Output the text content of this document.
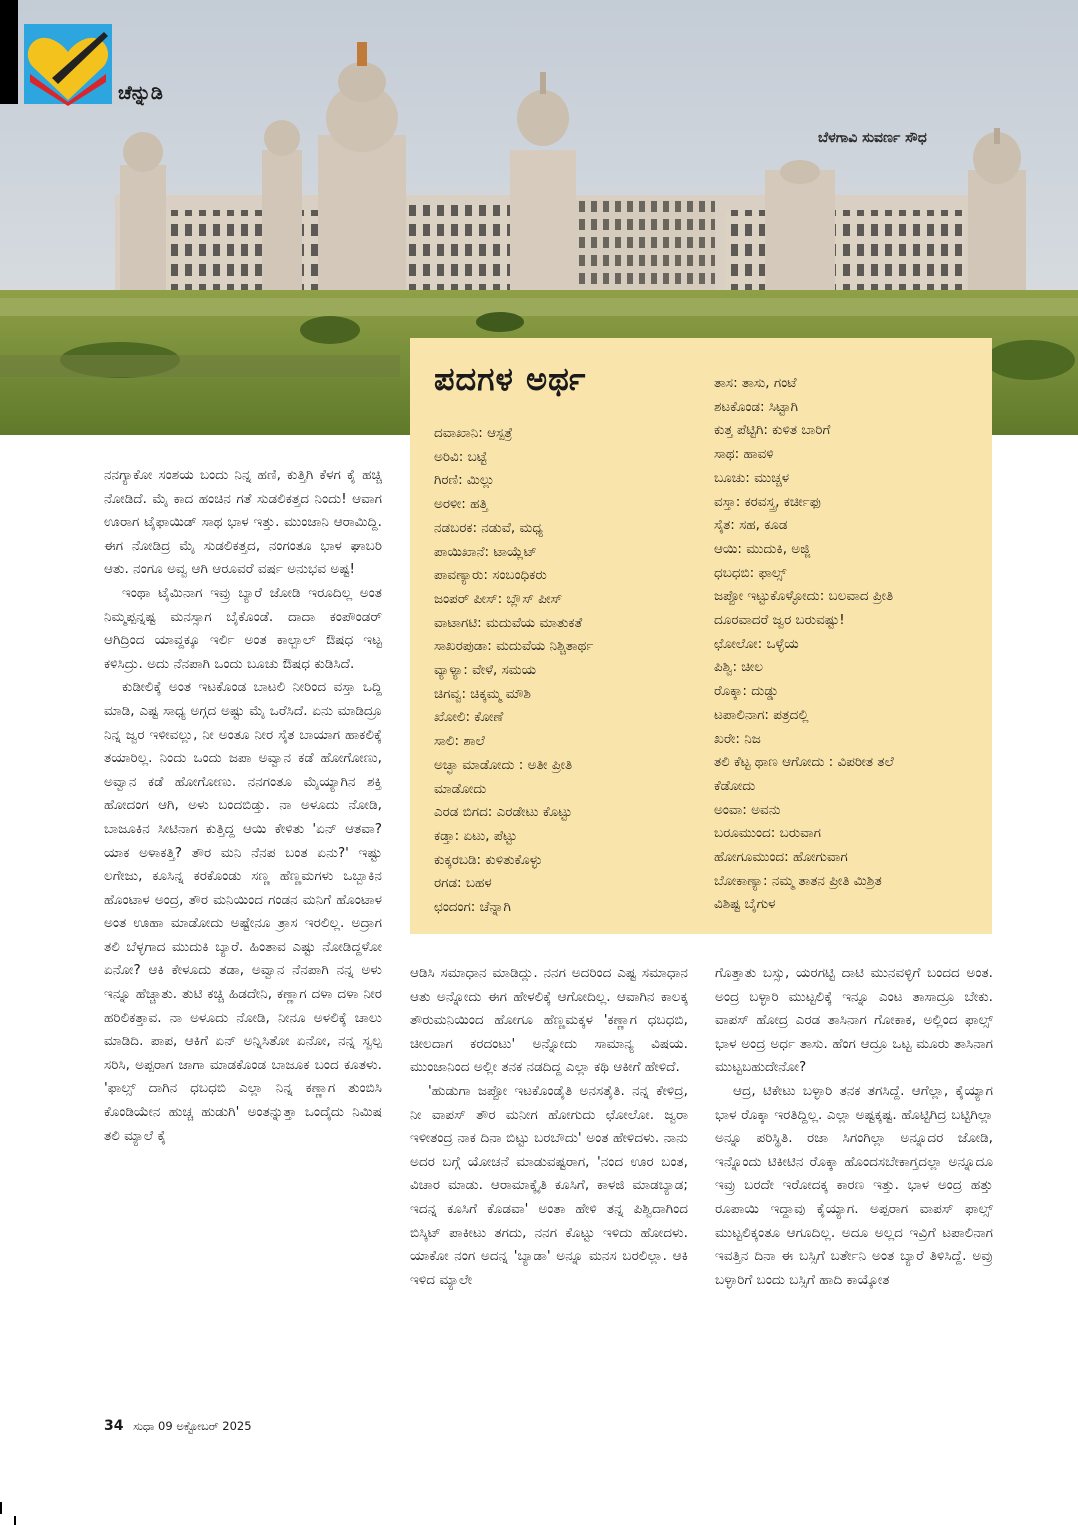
ಚೆನ್ನುಡಿ
ಬೆಳಗಾವಿ ಸುವರ್ಣ ಸೌಧ
ಪದಗಳ ಅರ್ಥ
ದವಾಖಾನಿ: ಆಸ್ಪತ್ರೆ
ಅರಿವಿ: ಬಟ್ಟೆ
ಗಿರಣಿ: ಮಿಲ್ಲು
ಅರಳೀ: ಹತ್ತಿ
ನಡಬರಕ: ನಡುವೆ, ಮಧ್ಯ
ಪಾಯಿಖಾನೆ: ಟಾಯ್ಲೆಟ್
ಪಾವಣ್ಯಾರು: ಸಂಬಂಧಿಕರು
ಜಂಪರ್ ಪೀಸ್: ಬ್ಲೌಸ್ ಪೀಸ್
ವಾಟಾಗಟಿ: ಮದುವೆಯ ಮಾತುಕತೆ
ಸಾಖರಪುಡಾ: ಮದುವೆಯ ನಿಶ್ಚಿತಾರ್ಥ
ವ್ಯಾಳ್ಯಾ: ವೇಳೆ, ಸಮಯ
ಚಿಗವ್ವ: ಚಿಕ್ಕಮ್ಮ ಮೌಶಿ
ಖೋಲಿ: ಕೋಣೆ
ಸಾಲಿ: ಶಾಲೆ
ಅಚ್ಛಾ ಮಾಡೋದು : ಅತೀ ಪ್ರೀತಿ
ಮಾಡೋದು
ಎರಡ ಬಿಗದ: ಎರಡೇಟು ಕೊಟ್ಟು
ಕಡ್ತಾ: ಏಟು, ಪೆಟ್ಟು
ಕುಕ್ಕರಬಡಿ: ಕುಳಿತುಕೊಳ್ಳು
ರಗಡ: ಬಹಳ
ಛಂದಂಗ: ಚೆನ್ನಾಗಿ
ತಾಸ: ತಾಸು, ಗಂಟೆ
ಶಟಕೊಂಡ: ಸಿಟ್ಟಾಗಿ
ಕುತ್ತ ಪೆಟ್ಟಿಗಿ: ಕುಳಿತ ಬಾರಿಗೆ
ಸಾಥ: ಹಾವಳಿ
ಬೂಚು: ಮುಚ್ಚಳ
ವಸ್ತಾ: ಕರವಸ್ತ್ರ, ಕರ್ಚೀಫು
ಸೈತ: ಸಹ, ಕೂಡ
ಆಯಿ: ಮುದುಕಿ, ಅಜ್ಜಿ
ಧಬಧಬಿ: ಫಾಲ್ಸ್
ಜಪ್ಪೋ ಇಟ್ಟುಕೊಳ್ಳೋದು: ಬಲವಾದ ಪ್ರೀತಿ
ದೂರವಾದರೆ ಜ್ವರ ಬರುವಷ್ಟು!
ಛೋಲೋ: ಒಳ್ಳೆಯ
ಪಿಶ್ವಿ: ಚೀಲ
ರೊಕ್ಕಾ: ದುಡ್ಡು
ಟಪಾಲಿನಾಗ: ಪತ್ರದಲ್ಲಿ
ಖರೇ: ನಿಜ
ತಲಿ ಕೆಟ್ಟ ಥಾಣ ಆಗೋದು : ವಿಪರೀತ ತಲೆ
ಕೆಡೋದು
ಅಂವಾ: ಅವನು
ಬರೂಮುಂದ: ಬರುವಾಗ
ಹೋಗೂಮುಂದ: ಹೋಗುವಾಗ
ಬೋಕಾಣ್ಯಾ: ನಮ್ಮ ತಾತನ ಪ್ರೀತಿ ಮಿಶ್ರಿತ
ವಿಶಿಷ್ಟ ಬೈಗುಳ

ನನಗ್ಯಾಕೋ ಸಂಶಯ ಬಂದು ನಿನ್ನ ಹಣಿ, ಕುತ್ತಿಗಿ ಕೆಳಗ ಕೈ ಹಚ್ಚಿ ನೋಡಿದೆ. ಮೈ ಕಾದ ಹಂಚಿನ ಗತೆ ಸುಡಲಿಕತ್ತದ ನಿಂದು! ಆವಾಗ ಊರಾಗ ಟೈಫಾಯಿಡ್ ಸಾಥ ಭಾಳ ಇತ್ತು. ಮುಂಜಾನಿ ಆರಾಮಿದ್ದಿ. ಈಗ ನೋಡಿದ್ರ ಮೈ ಸುಡಲಿಕತ್ತದ, ನಂಗಂತೂ ಭಾಳ ಘಾಬರಿ ಆತು. ನಂಗೂ ಅವ್ವ ಆಗಿ ಆರೂವರೆ ವರ್ಷ ಅನುಭವ ಅಷ್ಟ!

ಇಂಥಾ ಟೈಮಿನಾಗ ಇವ್ರು ಬ್ಯಾರೆ ಜೋಡಿ ಇರೂದಿಲ್ಲ ಅಂತ ನಿಮ್ಮಪ್ಪನ್ನಷ್ಟ ಮನಸ್ಸಾಗ ಬೈಕೊಂಡೆ. ದಾದಾ ಕಂಪೌಂಡರ್ ಆಗಿದ್ರಿಂದ ಯಾವ್ದಕ್ಕೂ ಇರ್ಲಿ ಅಂತ ಕಾಲ್ಬಾಲ್ ಔಷಧ ಇಟ್ಟ ಕಳಿಸಿದ್ರು. ಅದು ನೆನಪಾಗಿ ಒಂದು ಬೂಚು ಔಷಧ ಕುಡಿಸಿದೆ.

ಕುಡೀಲಿಕ್ಕೆ ಅಂತ ಇಟಕೊಂಡ ಬಾಟಲಿ ನೀರಿಂದ ವಸ್ತಾ ಒದ್ದಿ ಮಾಡಿ, ಎಷ್ಟ ಸಾಧ್ಯ ಅಗ್ಗದ ಅಷ್ಟು ಮೈ ಒರೆಸಿದೆ. ಏನು ಮಾಡಿದ್ರೂ ನಿನ್ನ ಜ್ವರ ಇಳೀವಲ್ಲು, ನೀ ಅಂತೂ ನೀರ ಸೈತ ಬಾಯಾಗ ಹಾಕಲಿಕ್ಕೆ ತಯಾರಿಲ್ಲ. ನಿಂದು ಒಂದು ಜಪಾ ಅವ್ವಾನ ಕಡೆ ಹೋಗೋಣು, ಅವ್ವಾನ ಕಡೆ ಹೋಗೋಣು. ನನಗಂತೂ ಮೈಯ್ಯಾಗಿನ ಶಕ್ತಿ ಹೋದಂಗ ಆಗಿ, ಅಳು ಬಂದಬಿಡ್ತು. ನಾ ಅಳೂದು ನೋಡಿ, ಬಾಜೂಕಿನ ಸೀಟಿನಾಗ ಕುತ್ತಿದ್ದ ಆಯಿ ಕೇಳಿತು 'ಏನ್ ಆತವಾ? ಯಾಕ ಅಳಾಕತ್ತಿ? ತೌರ ಮನಿ ನೆನಪ ಬಂತ ಏನು?' ಇಷ್ಟು ಲಗೇಜು, ಕೂಸಿನ್ನ ಕರಕೊಂಡು ಸಣ್ಣ ಹೆಣ್ಣಮಗಳು ಒಬ್ಬಾಕಿನ ಹೊಂಟಾಳ ಅಂದ್ರ, ತೌರ ಮನಿಯಿಂದ ಗಂಡನ ಮನಿಗೆ ಹೊಂಟಾಳ ಅಂತ ಊಹಾ ಮಾಡೋದು ಅಷ್ಟೇನೂ ತ್ರಾಸ ಇರಲಿಲ್ಲ. ಅದ್ರಾಗ ತಲಿ ಬೆಳ್ಳಗಾದ ಮುದುಕಿ ಬ್ಯಾರೆ. ಹಿಂತಾವ ಎಷ್ಟು ನೋಡಿದ್ದಳೋ ಏನೋ? ಆಕಿ ಕೇಳೂದು ತಡಾ, ಅವ್ವಾನ ನೆನಪಾಗಿ ನನ್ನ ಅಳು ಇನ್ನೂ ಹೆಚ್ಚಾತು. ತುಟಿ ಕಚ್ಚಿ ಹಿಡದೇನಿ, ಕಣ್ಣಾಗ ದಳಾ ದಳಾ ನೀರ ಹರಿಲಿಕತ್ತಾವ. ನಾ ಅಳೂದು ನೋಡಿ, ನೀನೂ ಅಳಲಿಕ್ಕೆ ಚಾಲು ಮಾಡಿದಿ. ಪಾಪ, ಆಕಿಗೆ ಏನ್ ಅನ್ನಿಸಿತೋ ಏನೋ, ನನ್ನ ಸ್ವಲ್ಪ ಸರಿಸಿ, ಅಪ್ಪರಾಗ ಜಾಗಾ ಮಾಡಕೊಂಡ ಬಾಜೂಕ ಬಂದ ಕೂತಳು. 'ಫಾಲ್ಸ್ ದಾಗಿನ ಧಬಧಬಿ ಎಲ್ಲಾ ನಿನ್ನ ಕಣ್ಣಾಗ ತುಂಬಿಸಿ ಕೊಂಡಿಯೇನ ಹುಚ್ಚ ಹುಡುಗಿ' ಅಂತನ್ನುತ್ತಾ ಒಂದೈದು ನಿಮಿಷ ತಲಿ ಮ್ಯಾಲೆ ಕೈ

ಆಡಿಸಿ ಸಮಾಧಾನ ಮಾಡಿದ್ಲು. ನನಗ ಅದರಿಂದ ಎಷ್ಟ ಸಮಾಧಾನ ಆತು ಅನ್ನೋದು ಈಗ ಹೇಳಲಿಕ್ಕೆ ಆಗೋದಿಲ್ಲ. ಆವಾಗಿನ ಕಾಲಕ್ಕ ತೌರುಮನಿಯಿಂದ ಹೋಗೂ ಹೆಣ್ಣಮಕ್ಕಳ 'ಕಣ್ಣಾಗ ಧಬಧಬಿ, ಚೀಲದಾಗ ಕರದಂಟು' ಅನ್ನೋದು ಸಾಮಾನ್ಯ ವಿಷಯ. ಮುಂಜಾನಿಂದ ಅಲ್ಲೀ ತನಕ ನಡದಿದ್ದ ಎಲ್ಲಾ ಕಥಿ ಆಕೀಗೆ ಹೇಳಿದೆ.

'ಹುಡುಗಾ ಜಪ್ಪೋ ಇಟಕೊಂಡೈತಿ ಅನಸತೈತಿ. ನನ್ನ ಕೇಳಿದ್ರ, ನೀ ವಾಪಸ್ ತೌರ ಮನೀಗ ಹೋಗುದು ಛೋಲೋ. ಜ್ವರಾ ಇಳೀತಂದ್ರ ನಾಕ ದಿನಾ ಬಿಟ್ಟು ಬರಬೌದು' ಅಂತ ಹೇಳಿದಳು. ನಾನು ಅದರ ಬಗ್ಗೆ ಯೋಚನೆ ಮಾಡುವಷ್ಟರಾಗ, 'ನಂದ ಊರ ಬಂತ, ವಿಚಾರ ಮಾಡು. ಆರಾಮಾಕ್ಕೈತಿ ಕೂಸಿಗೆ, ಕಾಳಜಿ ಮಾಡಬ್ಯಾಡ; ಇದನ್ನ ಕೂಸಿಗೆ ಕೊಡವಾ' ಅಂತಾ ಹೇಳಿ ತನ್ನ ಪಿಶ್ವಿದಾಗಿಂದ ಬಿಸ್ಕಿಟ್ ಪಾಕೀಟು ತಗದು, ನನಗ ಕೊಟ್ಟು ಇಳಿದು ಹೋದಳು. ಯಾಕೋ ನಂಗ ಅದನ್ನ 'ಬ್ಯಾಡಾ' ಅನ್ನೂ ಮನಸ ಬರಲಿಲ್ಲಾ. ಆಕಿ ಇಳಿದ ಮ್ಯಾಲೇ

ಗೊತ್ತಾತು ಬಸ್ಸು, ಯರಗಟ್ಟಿ ದಾಟಿ ಮುನವಳ್ಳಿಗೆ ಬಂದದ ಅಂತ. ಅಂದ್ರ ಬಳ್ಳಾರಿ ಮುಟ್ಟಲಿಕ್ಕೆ ಇನ್ನೂ ಎಂಟ ತಾಸಾದ್ರೂ ಬೇಕು. ವಾಪಸ್ ಹೋದ್ರ ಎರಡ ತಾಸಿನಾಗ ಗೋಕಾಕ, ಅಲ್ಲಿಂದ ಫಾಲ್ಸ್ ಭಾಳ ಅಂದ್ರ ಅರ್ಧ ತಾಸು. ಹೆಂಗ ಆದ್ರೂ ಒಟ್ಟ ಮೂರು ತಾಸಿನಾಗ ಮುಟ್ಟಬಹುದೇನೋ?

ಆದ್ರ, ಟಿಕೇಟು ಬಳ್ಳಾರಿ ತನಕ ತಗಸಿದ್ದೆ. ಆಗೆಲ್ಲಾ, ಕೈಯ್ಯಾಗ ಭಾಳ ರೊಕ್ಕಾ ಇರತಿದ್ದಿಲ್ಲ. ಎಲ್ಲಾ ಅಷ್ಟಕ್ಕಷ್ಟ. ಹೊಟ್ಟಿಗಿದ್ರ ಬಟ್ಟಿಗಿಲ್ಲಾ ಅನ್ನೂ ಪರಿಸ್ಥಿತಿ. ರಜಾ ಸಿಗಂಗಿಲ್ಲಾ ಅನ್ನೂದರ ಜೋಡಿ, ಇನ್ನೊಂದು ಟಿಕೀಟಿನ ರೊಕ್ಕಾ ಹೊಂದಸಬೇಕಾಗ್ತದಲ್ಲಾ ಅನ್ನೂದೂ ಇವ್ರು ಬರದೇ ಇರೋದಕ್ಕ ಕಾರಣ ಇತ್ತು. ಭಾಳ ಅಂದ್ರ ಹತ್ತು ರೂಪಾಯಿ ಇದ್ದಾವು ಕೈಯ್ಯಾಗ. ಅಪ್ಪರಾಗ ವಾಪಸ್ ಫಾಲ್ಸ್ ಮುಟ್ಟಲಿಕ್ಕಂತೂ ಆಗೂದಿಲ್ಲ. ಅದೂ ಅಲ್ಲದ ಇವ್ರಿಗೆ ಟಪಾಲಿನಾಗ ಇವತ್ತಿನ ದಿನಾ ಈ ಬಸ್ಸಿಗೆ ಬರ್ತೇನಿ ಅಂತ ಬ್ಯಾರೆ ತಿಳಿಸಿದ್ದೆ. ಅವ್ರು ಬಳ್ಳಾರಿಗೆ ಬಂದು ಬಸ್ಸಿಗೆ ಹಾದಿ ಕಾಯ್ಕೋತ

34 ಸುಧಾ 09 ಅಕ್ಟೋಬರ್ 2025
